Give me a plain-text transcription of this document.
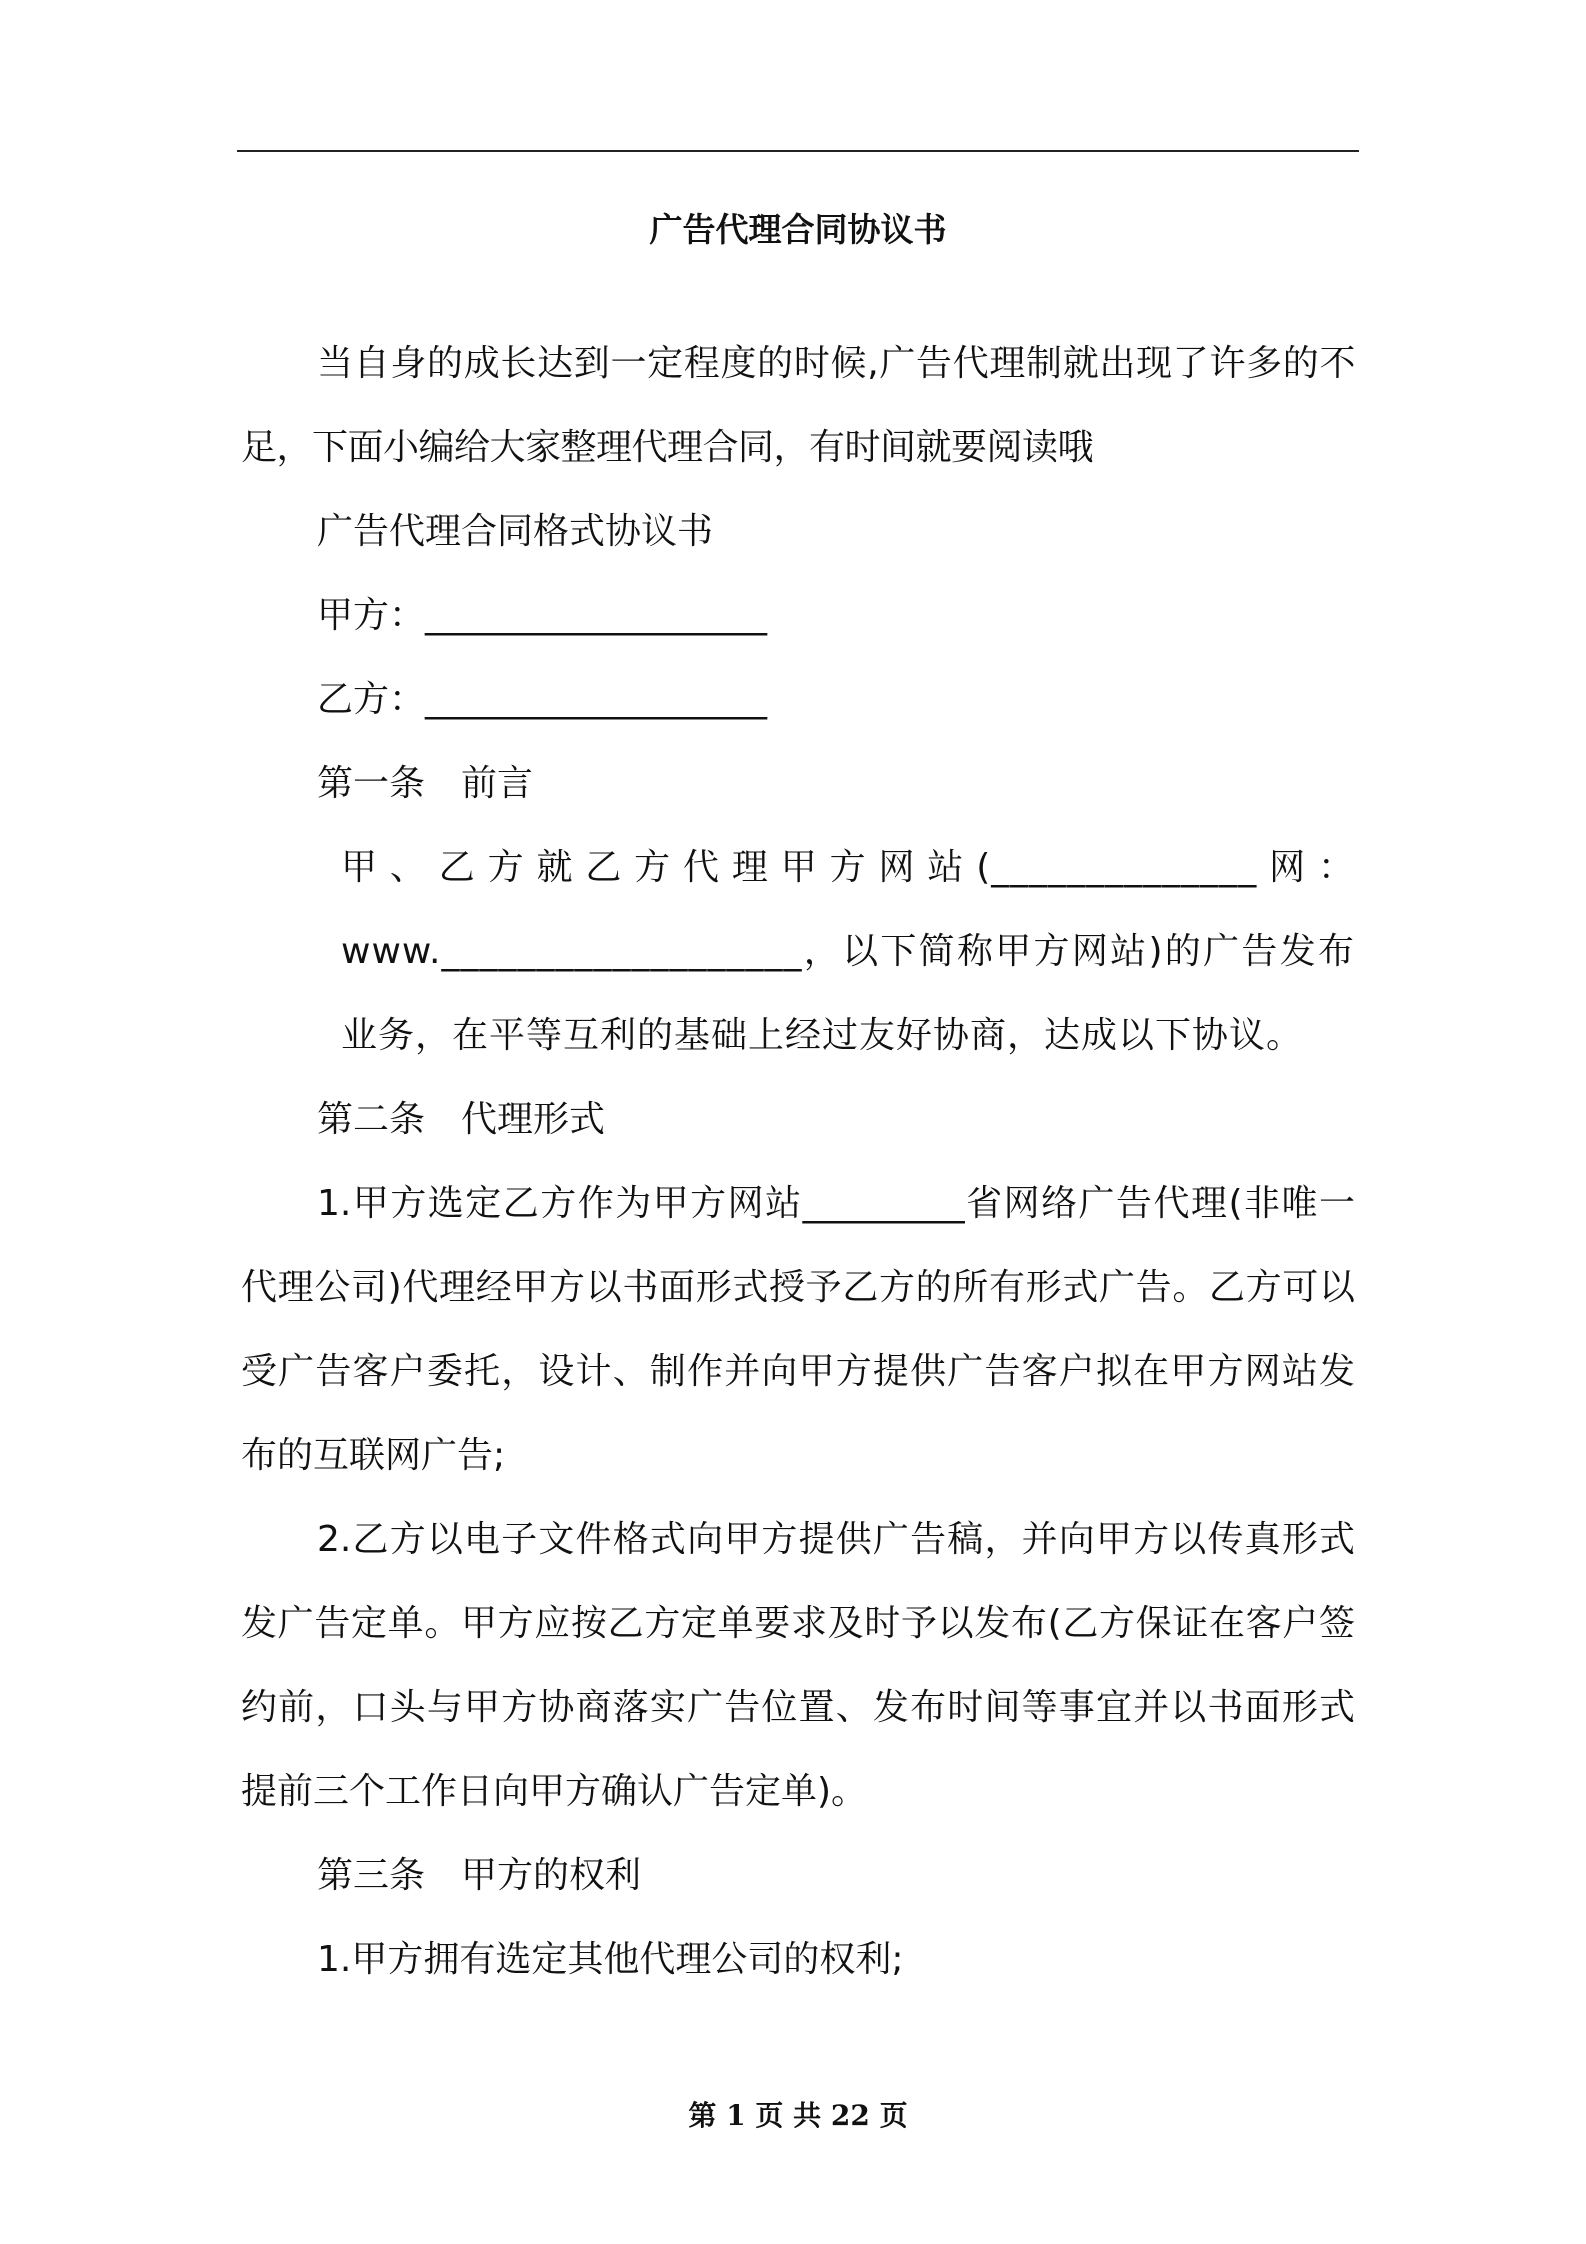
广告代理合同协议书

当自身的成长达到一定程度的时候,广告代理制就出现了许多的不足，下面小编给大家整理代理合同，有时间就要阅读哦

广告代理合同格式协议书

甲方：___________________

乙方：___________________

第一条　前言

甲、乙方就乙方代理甲方网站(______________网：www.___________________，以下简称甲方网站)的广告发布业务，在平等互利的基础上经过友好协商，达成以下协议。

第二条　代理形式

1.甲方选定乙方作为甲方网站_________省网络广告代理(非唯一代理公司)代理经甲方以书面形式授予乙方的所有形式广告。乙方可以受广告客户委托，设计、制作并向甲方提供广告客户拟在甲方网站发布的互联网广告;

2.乙方以电子文件格式向甲方提供广告稿，并向甲方以传真形式发广告定单。甲方应按乙方定单要求及时予以发布(乙方保证在客户签约前，口头与甲方协商落实广告位置、发布时间等事宜并以书面形式提前三个工作日向甲方确认广告定单)。

第三条　甲方的权利

1.甲方拥有选定其他代理公司的权利;

第 1 页 共 22 页
